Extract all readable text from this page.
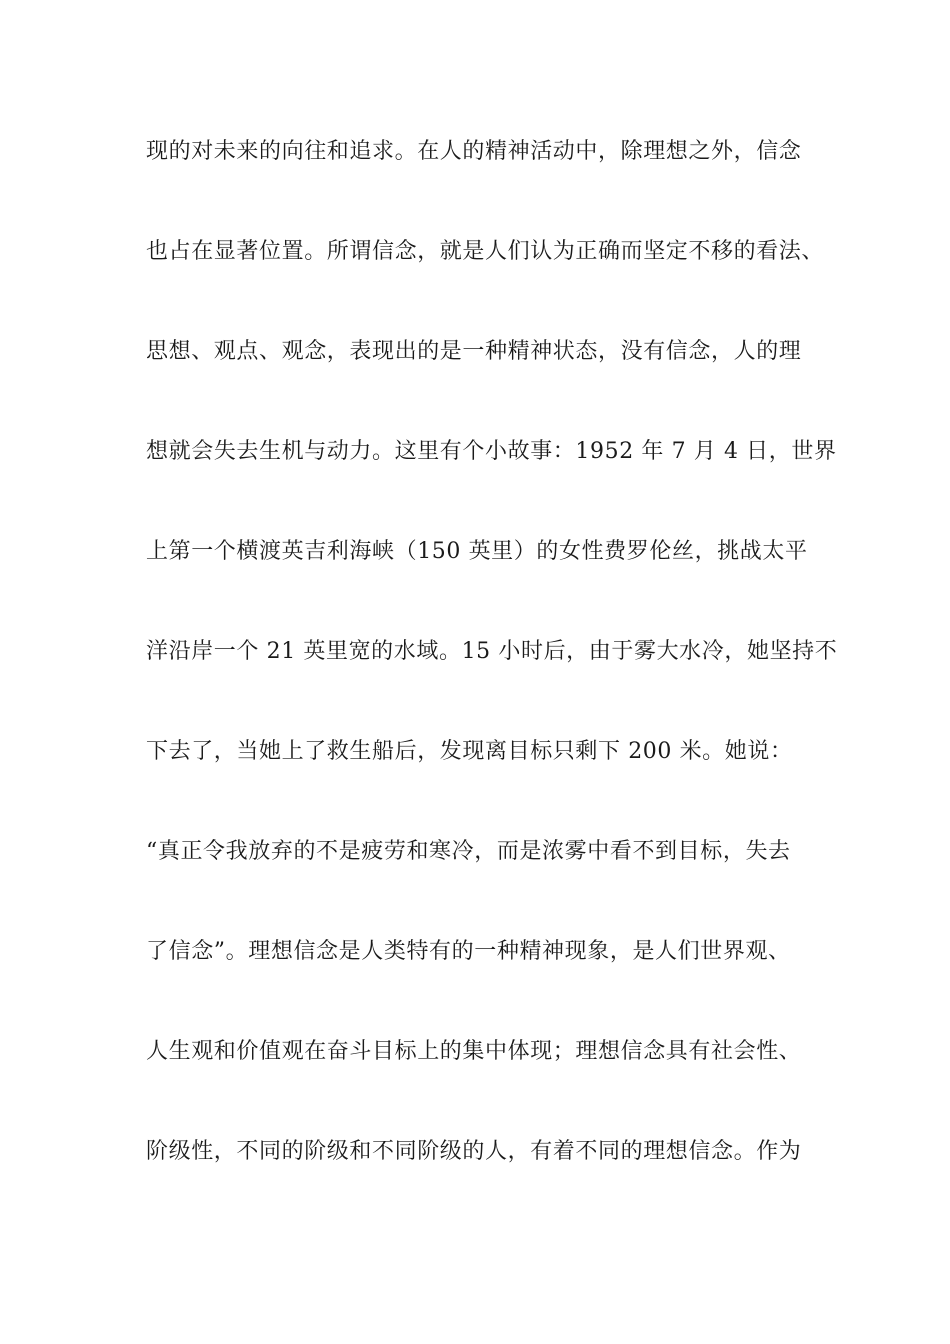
现的对未来的向往和追求。在人的精神活动中，除理想之外，信念
也占在显著位置。所谓信念，就是人们认为正确而坚定不移的看法、
思想、观点、观念，表现出的是一种精神状态，没有信念，人的理
想就会失去生机与动力。这里有个小故事：1952 年 7 月 4 日，世界
上第一个横渡英吉利海峡（150 英里）的女性费罗伦丝，挑战太平
洋沿岸一个 21 英里宽的水域。15 小时后，由于雾大水冷，她坚持不
下去了，当她上了救生船后，发现离目标只剩下 200 米。她说：
“真正令我放弃的不是疲劳和寒冷，而是浓雾中看不到目标，失去
了信念”。理想信念是人类特有的一种精神现象，是人们世界观、
人生观和价值观在奋斗目标上的集中体现；理想信念具有社会性、
阶级性，不同的阶级和不同阶级的人，有着不同的理想信念。作为
